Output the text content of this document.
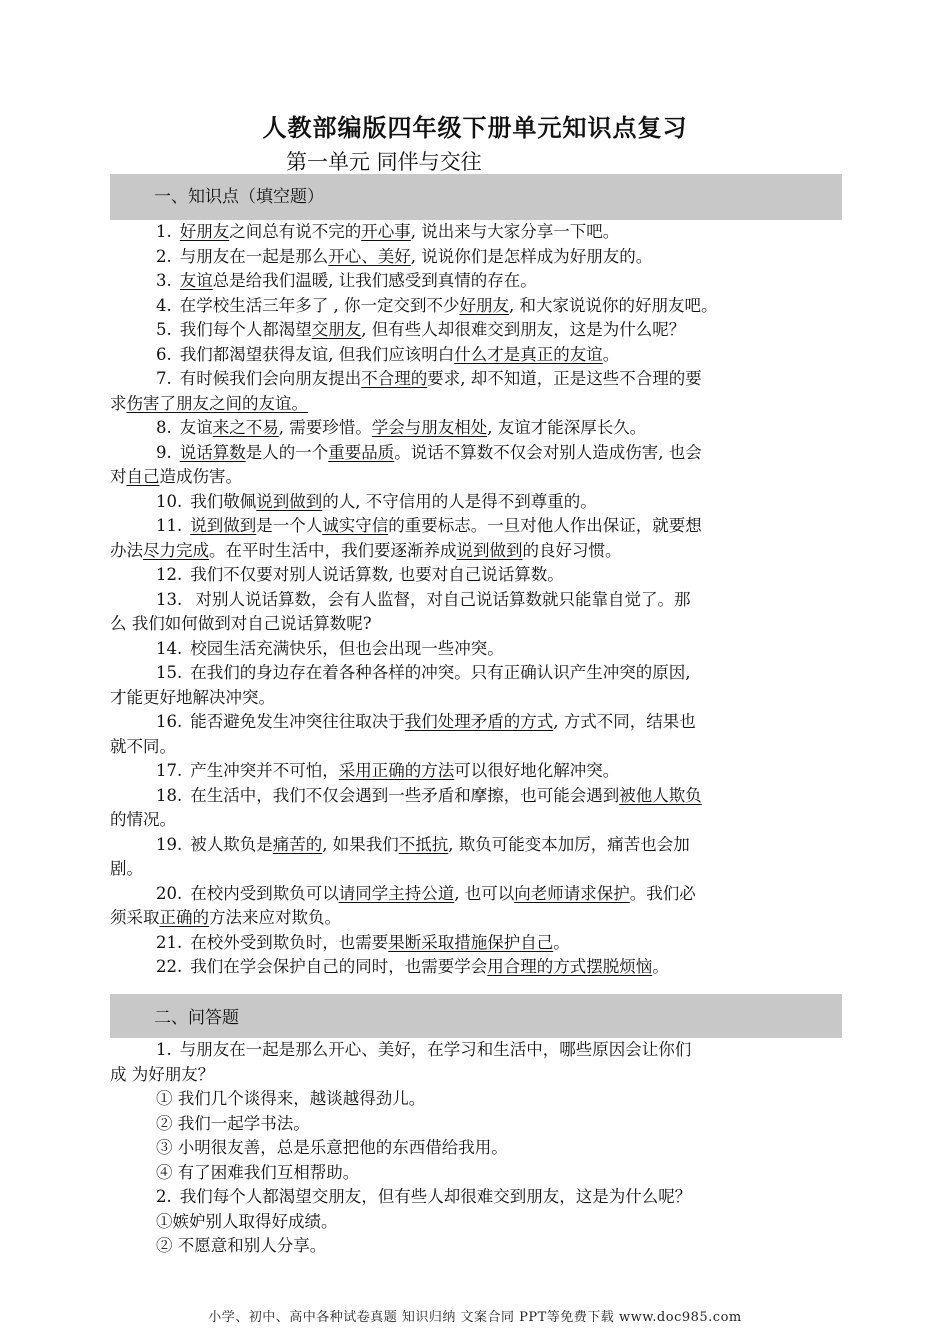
人教部编版四年级下册单元知识点复习
第一单元 同伴与交往
一、知识点（填空题）
1. 好朋友之间总有说不完的开心事, 说出来与大家分享一下吧。
2. 与朋友在一起是那么开心、美好, 说说你们是怎样成为好朋友的。
3. 友谊总是给我们温暖, 让我们感受到真情的存在。
4. 在学校生活三年多了 , 你一定交到不少好朋友, 和大家说说你的好朋友吧。
5. 我们每个人都渴望交朋友, 但有些人却很难交到朋友，这是为什么呢？
6. 我们都渴望获得友谊, 但我们应该明白什么才是真正的友谊。
7. 有时候我们会向朋友提出不合理的要求, 却不知道，正是这些不合理的要
求伤害了朋友之间的友谊。
8. 友谊来之不易, 需要珍惜。学会与朋友相处, 友谊才能深厚长久。
9. 说话算数是人的一个重要品质。说话不算数不仅会对别人造成伤害, 也会
对自己造成伤害。
10. 我们敬佩说到做到的人, 不守信用的人是得不到尊重的。
11. 说到做到是一个人诚实守信的重要标志。一旦对他人作出保证，就要想
办法尽力完成。在平时生活中，我们要逐渐养成说到做到的良好习惯。
12. 我们不仅要对别人说话算数, 也要对自己说话算数。
13. 对别人说话算数，会有人监督，对自己说话算数就只能靠自觉了。那
么 我们如何做到对自己说话算数呢?
14. 校园生活充满快乐，但也会出现一些冲突。
15. 在我们的身边存在着各种各样的冲突。只有正确认识产生冲突的原因,
才能更好地解决冲突。
16. 能否避免发生冲突往往取决于我们处理矛盾的方式, 方式不同，结果也
就不同。
17. 产生冲突并不可怕，采用正确的方法可以很好地化解冲突。
18. 在生活中，我们不仅会遇到一些矛盾和摩擦，也可能会遇到被他人欺负
的情况。
19. 被人欺负是痛苦的, 如果我们不抵抗, 欺负可能变本加厉，痛苦也会加
剧。
20. 在校内受到欺负可以请同学主持公道, 也可以向老师请求保护。我们必
须采取正确的方法来应对欺负。
21. 在校外受到欺负时，也需要果断采取措施保护自己。
22. 我们在学会保护自己的同时，也需要学会用合理的方式摆脱烦恼。
二、问答题
1. 与朋友在一起是那么开心、美好，在学习和生活中，哪些原因会让你们
成 为好朋友？
① 我们几个谈得来，越谈越得劲儿。
② 我们一起学书法。
③ 小明很友善，总是乐意把他的东西借给我用。
④ 有了困难我们互相帮助。
2. 我们每个人都渴望交朋友，但有些人却很难交到朋友，这是为什么呢？
①嫉妒别人取得好成绩。
② 不愿意和别人分享。
小学、初中、高中各种试卷真题 知识归纳 文案合同 PPT等免费下载 www.doc985.com
